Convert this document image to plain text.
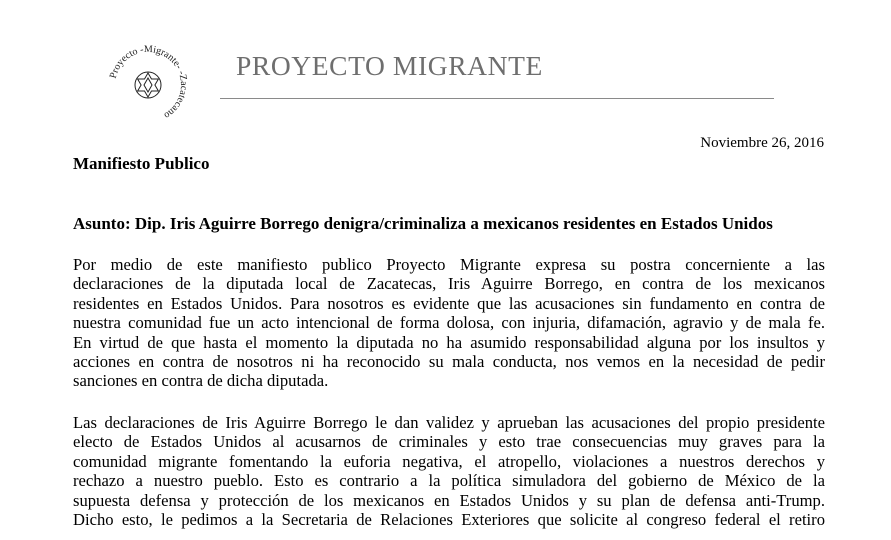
Proyecto -Migrante- -Zacatecano
PROYECTO MIGRANTE
Noviembre 26, 2016
Manifiesto Publico
Asunto: Dip. Iris Aguirre Borrego denigra/criminaliza a mexicanos residentes en Estados Unidos
Por medio de este manifiesto publico Proyecto Migrante expresa su postra concerniente a las
declaraciones de la diputada local de Zacatecas, Iris Aguirre Borrego, en contra de los mexicanos
residentes en Estados Unidos. Para nosotros es evidente que las acusaciones sin fundamento en contra de
nuestra comunidad fue un acto intencional de forma dolosa, con injuria, difamación, agravio y de mala fe.
En virtud de que hasta el momento la diputada no ha asumido responsabilidad alguna por los insultos y
acciones en contra de nosotros ni ha reconocido su mala conducta, nos vemos en la necesidad de pedir
sanciones en contra de dicha diputada.
Las declaraciones de Iris Aguirre Borrego le dan validez y aprueban las acusaciones del propio presidente
electo de Estados Unidos al acusarnos de criminales y esto trae consecuencias muy graves para la
comunidad migrante fomentando la euforia negativa, el atropello, violaciones a nuestros derechos y
rechazo a nuestro pueblo. Esto es contrario a la política simuladora del gobierno de México de la
supuesta defensa y protección de los mexicanos en Estados Unidos y su plan de defensa anti-Trump.
Dicho esto, le pedimos a la Secretaria de Relaciones Exteriores que solicite al congreso federal el retiro
